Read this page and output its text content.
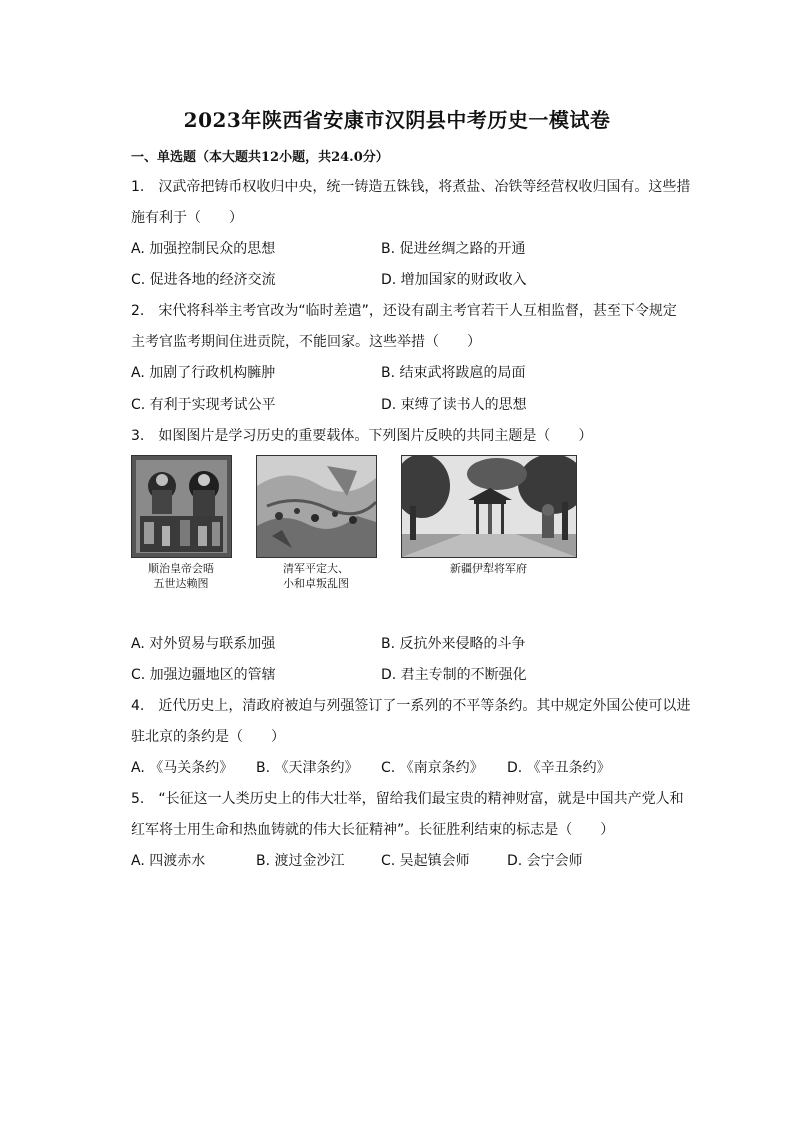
2023年陕西省安康市汉阴县中考历史一模试卷
一、单选题（本大题共12小题，共24.0分）
1.　汉武帝把铸币权收归中央，统一铸造五铢钱，将煮盐、冶铁等经营权收归国有。这些措
施有利于（　　）
A. 加强控制民众的思想	B. 促进丝绸之路的开通
C. 促进各地的经济交流	D. 增加国家的财政收入
2.　宋代将科举主考官改为“临时差遣”，还设有副主考官若干人互相监督，甚至下令规定
主考官监考期间住进贡院，不能回家。这些举措（　　）
A. 加剧了行政机构臃肿	B. 结束武将跋扈的局面
C. 有利于实现考试公平	D. 束缚了读书人的思想
3.　如图图片是学习历史的重要载体。下列图片反映的共同主题是（　　）
顺治皇帝会晤
五世达赖图
清军平定大、
小和卓叛乱图
新疆伊犁将军府
A. 对外贸易与联系加强	B. 反抗外来侵略的斗争
C. 加强边疆地区的管辖	D. 君主专制的不断强化
4.　近代历史上，清政府被迫与列强签订了一系列的不平等条约。其中规定外国公使可以进
驻北京的条约是（　　）
A. 《马关条约》 B. 《天津条约》 C. 《南京条约》 D. 《辛丑条约》
5.　“长征这一人类历史上的伟大壮举，留给我们最宝贵的精神财富，就是中国共产党人和
红军将士用生命和热血铸就的伟大长征精神”。长征胜利结束的标志是（　　）
A. 四渡赤水	B. 渡过金沙江	C. 吴起镇会师	D. 会宁会师
